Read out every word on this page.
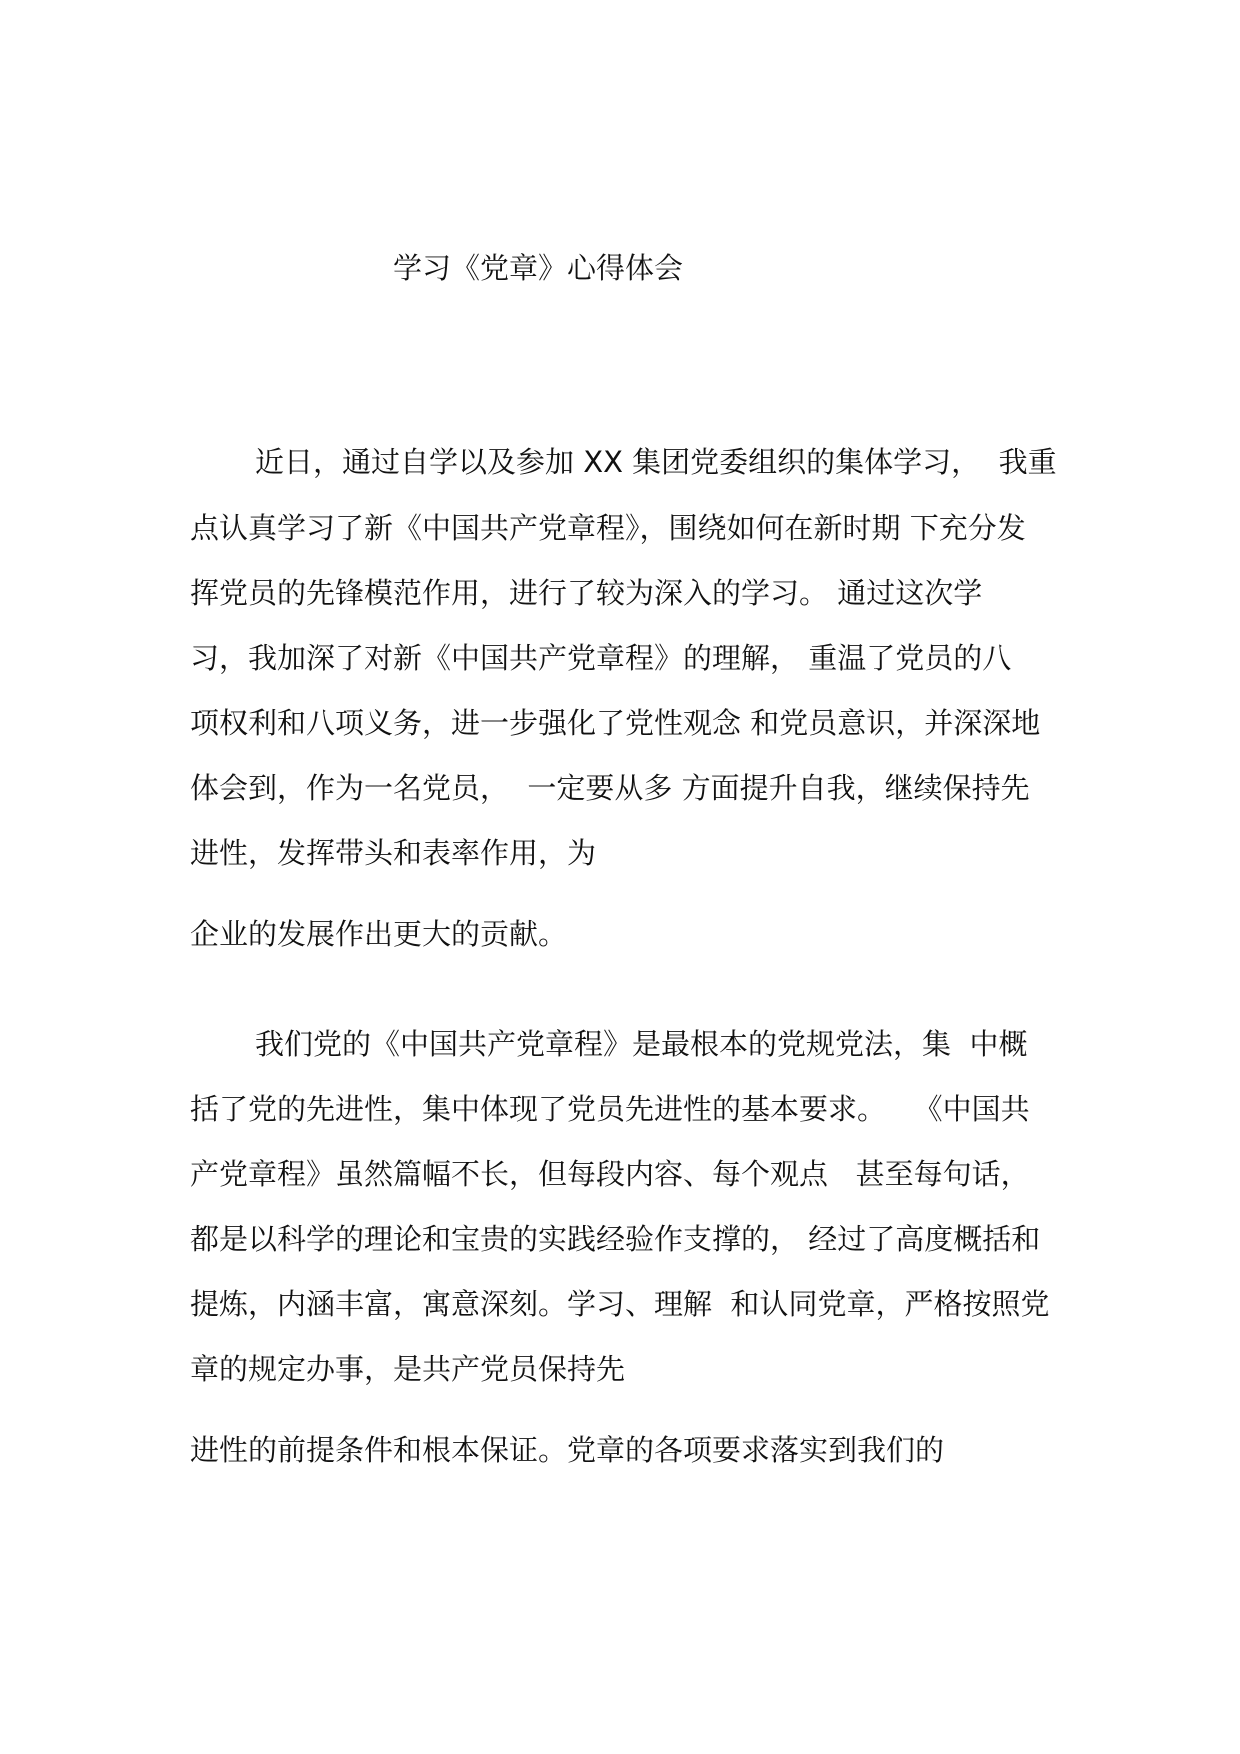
学习《党章》心得体会
近日，通过自学以及参加 XX 集团党委组织的集体学习，  我重
点认真学习了新《中国共产党章程》，围绕如何在新时期 下充分发
挥党员的先锋模范作用，进行了较为深入的学习。 通过这次学
习，我加深了对新《中国共产党章程》的理解， 重温了党员的八
项权利和八项义务，进一步强化了党性观念 和党员意识，并深深地
体会到，作为一名党员，  一定要从多 方面提升自我，继续保持先
进性，发挥带头和表率作用，为
企业的发展作出更大的贡献。
我们党的《中国共产党章程》是最根本的党规党法，集  中概
括了党的先进性，集中体现了党员先进性的基本要求。   《中国共
产党章程》虽然篇幅不长，但每段内容、每个观点   甚至每句话，
都是以科学的理论和宝贵的实践经验作支撑的， 经过了高度概括和
提炼，内涵丰富，寓意深刻。学习、理解  和认同党章，严格按照党
章的规定办事，是共产党员保持先
进性的前提条件和根本保证。党章的各项要求落实到我们的
